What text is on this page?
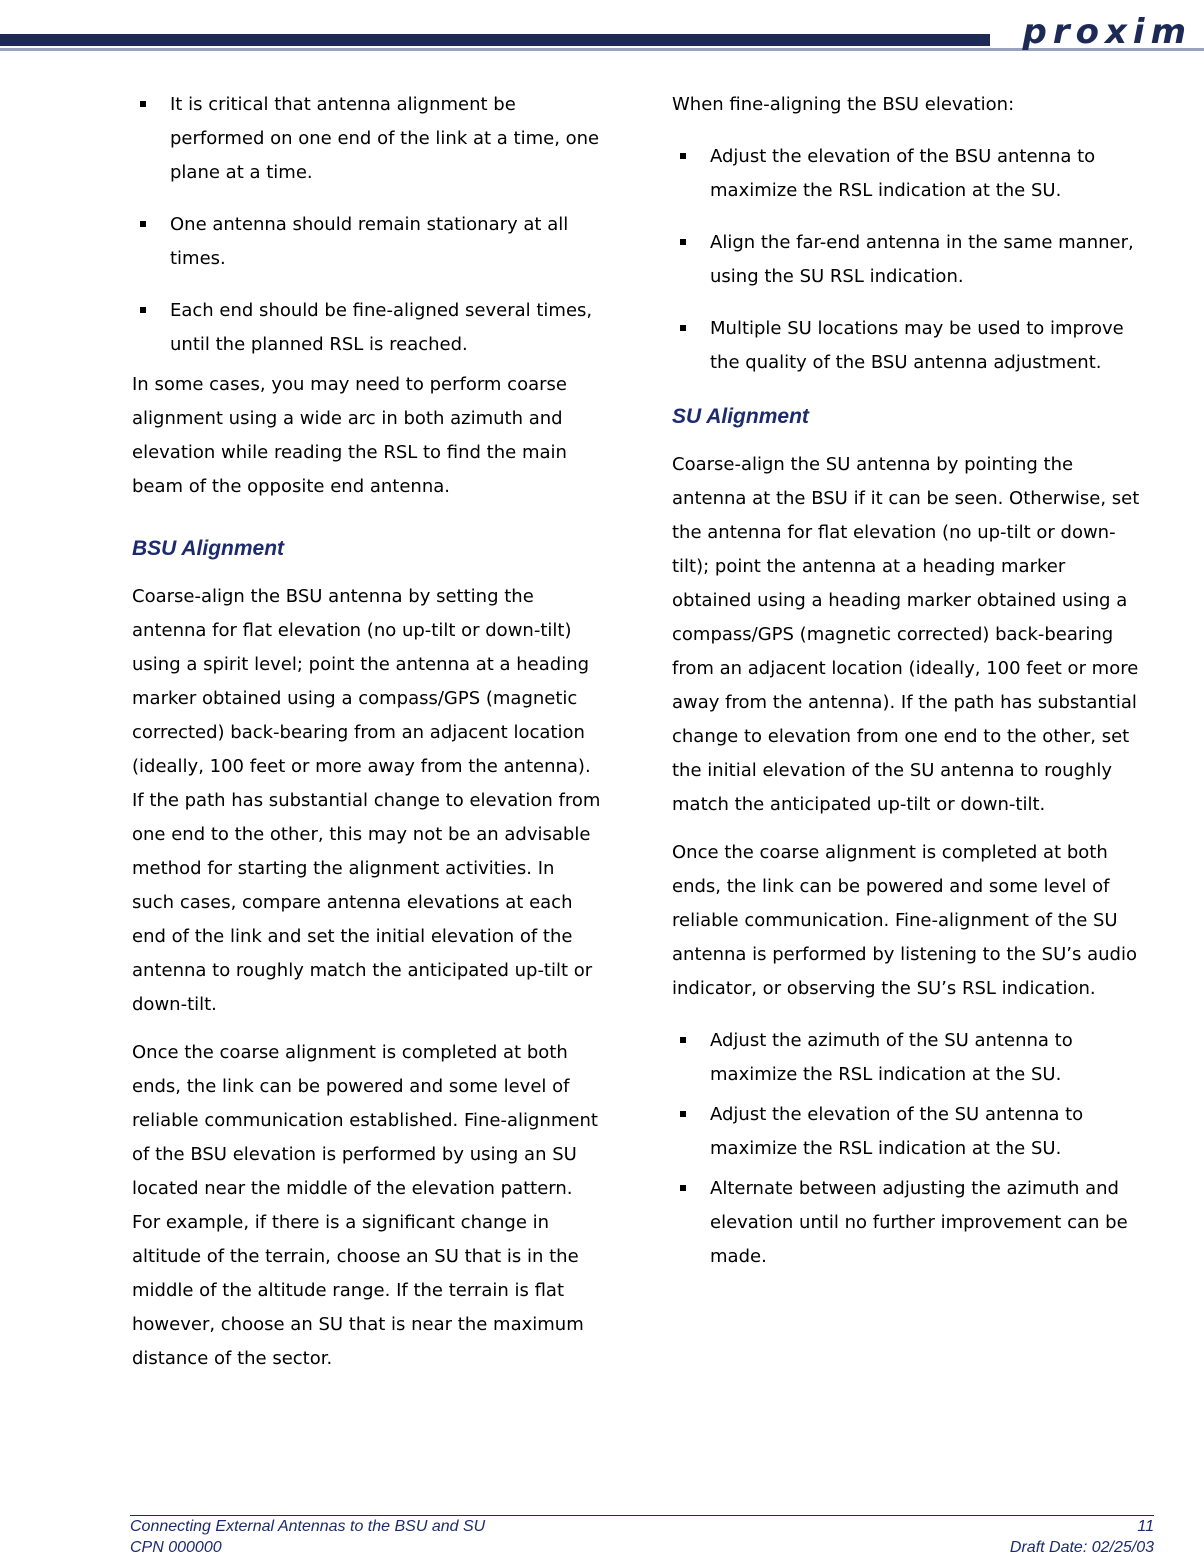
proxim
It is critical that antenna alignment be performed on one end of the link at a time, one plane at a time.
One antenna should remain stationary at all times.
Each end should be fine-aligned several times, until the planned RSL is reached.

In some cases, you may need to perform coarse alignment using a wide arc in both azimuth and elevation while reading the RSL to find the main beam of the opposite end antenna.

BSU Alignment

Coarse-align the BSU antenna by setting the antenna for flat elevation (no up-tilt or down-tilt) using a spirit level; point the antenna at a heading marker obtained using a compass/GPS (magnetic corrected) back-bearing from an adjacent location (ideally, 100 feet or more away from the antenna). If the path has substantial change to elevation from one end to the other, this may not be an advisable method for starting the alignment activities. In such cases, compare antenna elevations at each end of the link and set the initial elevation of the antenna to roughly match the anticipated up-tilt or down-tilt.

Once the coarse alignment is completed at both ends, the link can be powered and some level of reliable communication established. Fine-alignment of the BSU elevation is performed by using an SU located near the middle of the elevation pattern. For example, if there is a significant change in altitude of the terrain, choose an SU that is in the middle of the altitude range. If the terrain is flat however, choose an SU that is near the maximum distance of the sector.

When fine-aligning the BSU elevation:

Adjust the elevation of the BSU antenna to maximize the RSL indication at the SU.
Align the far-end antenna in the same manner, using the SU RSL indication.
Multiple SU locations may be used to improve the quality of the BSU antenna adjustment.
SU Alignment

Coarse-align the SU antenna by pointing the antenna at the BSU if it can be seen. Otherwise, set the antenna for flat elevation (no up-tilt or down-tilt); point the antenna at a heading marker obtained using a heading marker obtained using a compass/GPS (magnetic corrected) back-bearing from an adjacent location (ideally, 100 feet or more away from the antenna). If the path has substantial change to elevation from one end to the other, set the initial elevation of the SU antenna to roughly match the anticipated up-tilt or down-tilt.

Once the coarse alignment is completed at both ends, the link can be powered and some level of reliable communication. Fine-alignment of the SU antenna is performed by listening to the SU’s audio indicator, or observing the SU’s RSL indication.

Adjust the azimuth of the SU antenna to maximize the RSL indication at the SU.
Adjust the elevation of the SU antenna to maximize the RSL indication at the SU.
Alternate between adjusting the azimuth and elevation until no further improvement can be made.
Connecting External Antennas to the BSU and SU	11
CPN 000000	Draft Date: 02/25/03
